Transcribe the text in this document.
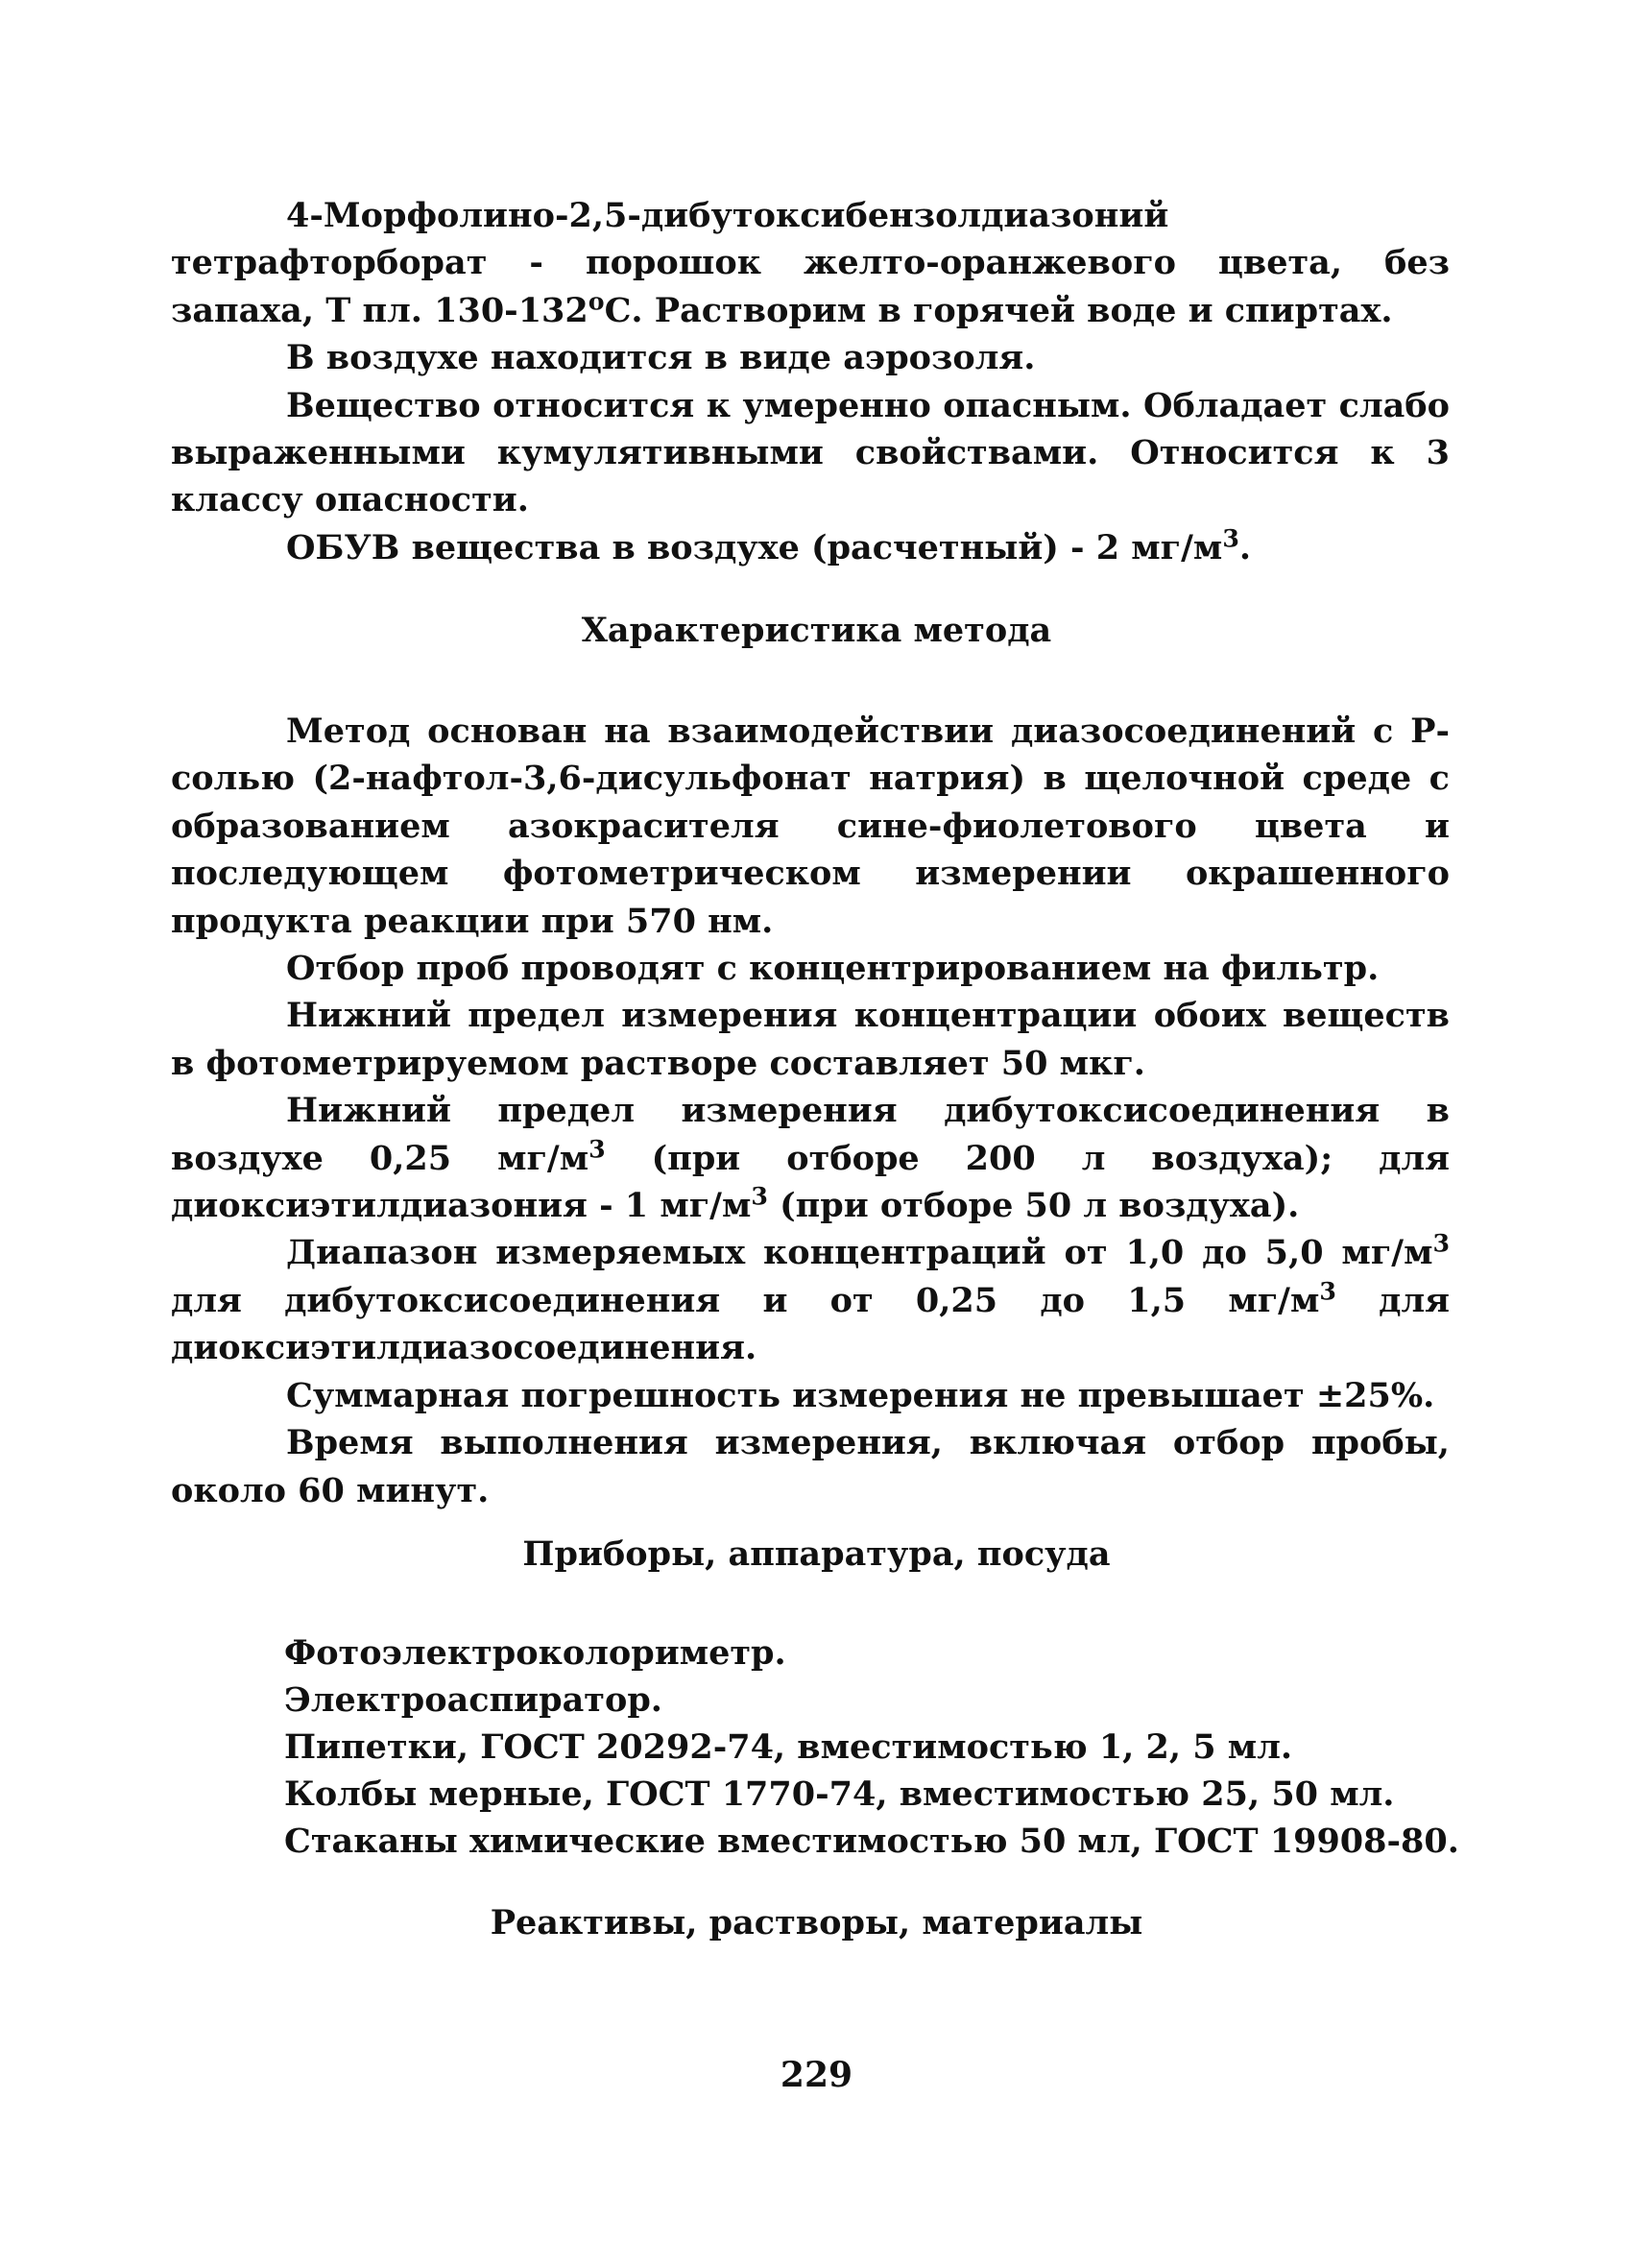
4-Морфолино-2,5-дибутоксибензолдиазоний тетрафторборат - порошок желто-оранжевого цвета, без запаха, Т пл. $130-132^оС$. Растворим в горячей воде и спиртах.

В воздухе находится в виде аэрозоля.

Вещество относится к умеренно опасным. Обладает слабо выраженными кумулятивными свойствами. Относится к 3 классу опасности.

ОБУВ вещества в воздухе (расчетный) - 2 $мг/м^3$.

Характеристика метода

Метод основан на взаимодействии диазосоединений с Р-солью (2-нафтол-3,6-дисульфонат натрия) в щелочной среде с образованием азокрасителя сине-фиолетового цвета и последующем фотометрическом измерении окрашенного продукта реакции при 570 нм.

Отбор проб проводят с концентрированием на фильтр.

Нижний предел измерения концентрации обоих веществ в фотометрируемом растворе составляет 50 мкг.

Нижний предел измерения дибутоксисоединения в воздухе 0,25 $мг/м^3$ (при отборе 200 л воздуха); для диоксиэтилдиазония - 1 $мг/м^3$ (при отборе 50 л воздуха).

Диапазон измеряемых концентраций от 1,0 до 5,0 $мг/м^3$ для дибутоксисоединения и от 0,25 до 1,5 $мг/м^3$ для диоксиэтилдиазосоединения.

Суммарная погрешность измерения не превышает ±25%.

Время выполнения измерения, включая отбор пробы, около 60 минут.

Приборы, аппаратура, посуда
Фотоэлектроколориметр.
Электроаспиратор.
Пипетки, ГОСТ 20292-74, вместимостью 1, 2, 5 мл.
Колбы мерные, ГОСТ 1770-74, вместимостью 25, 50 мл.
Стаканы химические вместимостью 50 мл, ГОСТ 19908-80.
Реактивы, растворы, материалы
229
